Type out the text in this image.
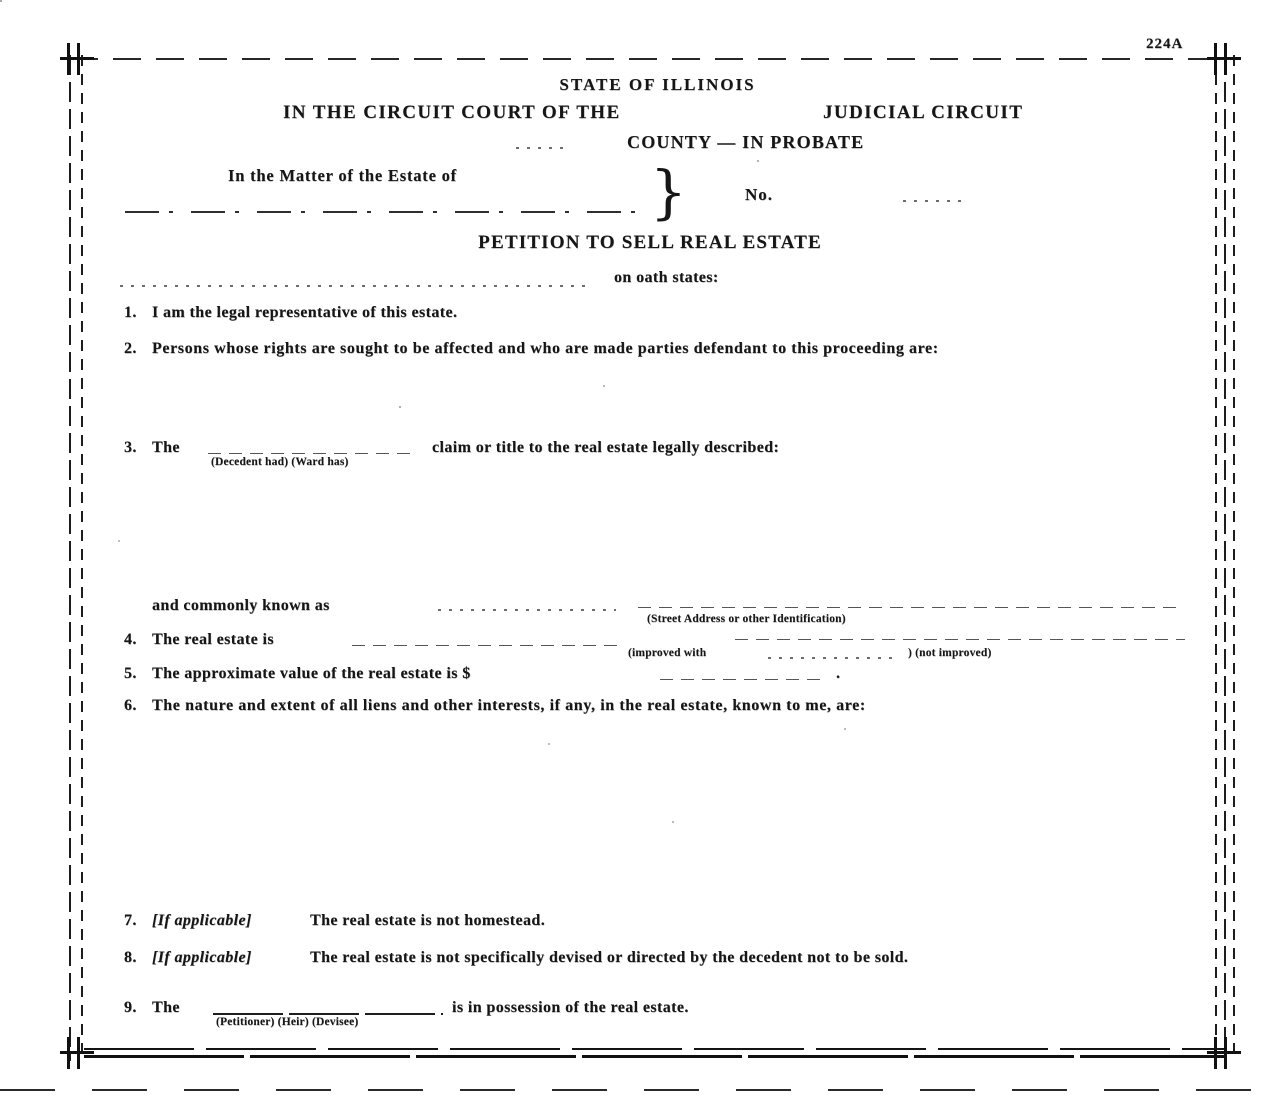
224A
STATE OF ILLINOIS
IN THE CIRCUIT COURT OF THE	JUDICIAL CIRCUIT
COUNTY — IN PROBATE
In the Matter of the Estate of	}	No.
PETITION TO SELL REAL ESTATE
on oath states:
1. I am the legal representative of this estate.
2. Persons whose rights are sought to be affected and who are made parties defendant to this proceeding are:
3. The
(Decedent had) (Ward has)
claim or title to the real estate legally described:
and commonly known as
(Street Address or other Identification)
4. The real estate is
(improved with	) (not improved)
5. The approximate value of the real estate is $	.
6. The nature and extent of all liens and other interests, if any, in the real estate, known to me, are:
7. [If applicable]	The real estate is not homestead.
8. [If applicable]	The real estate is not specifically devised or directed by the decedent not to be sold.
9. The
(Petitioner) (Heir) (Devisee)
is in possession of the real estate.
